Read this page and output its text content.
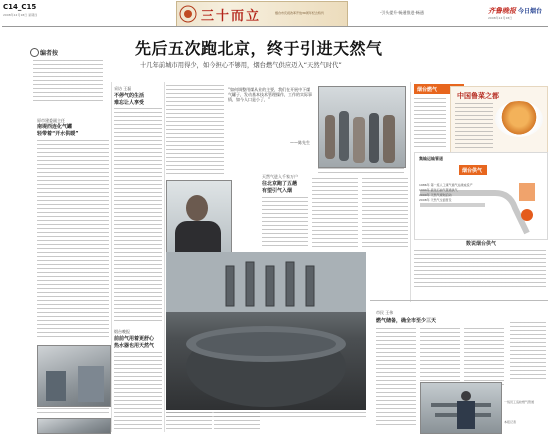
C14_C15
2008年12月18日 星期四	三十而立	烟台市庆祝改革开放30周年纪念特刊	·引头提升·畅通推进·畅通	齐鲁晚报 今日烟台
2008年12月18日
先后五次跑北京，终于引进天然气
十几年前城市用得少，如今担心不够用，烟台燃气供应迈入“天然气时代”
编者按
原市建委副主任
南堤西连化气罐
轻带着“开水供暖”
采访 王磊
不停气的生活
难忘让人享受
烟台晚报
前前气用着更舒心
热水器也用天然气
“如何调整用煤从业的主要，我们在开展中下煤气罐子，发动基本技术管理操作，工作的实际事情，如今人口是小了，”
——陈先生
天然气进入千家万户
往北京跑了五趟
有望引气入烟
市民 王伟
燃气储备，确全市至少三天
一线员工巡检燃气管道
本报记者
烟台燃气
中国鲁菜之都
烟台供气
集输运输管道
1986年 第一座人工煤气储气站建成投产
1994年 液化石油气管道供气
2000年 天然气规划启动
2008年 天然气全面普及
数说烟台供气
